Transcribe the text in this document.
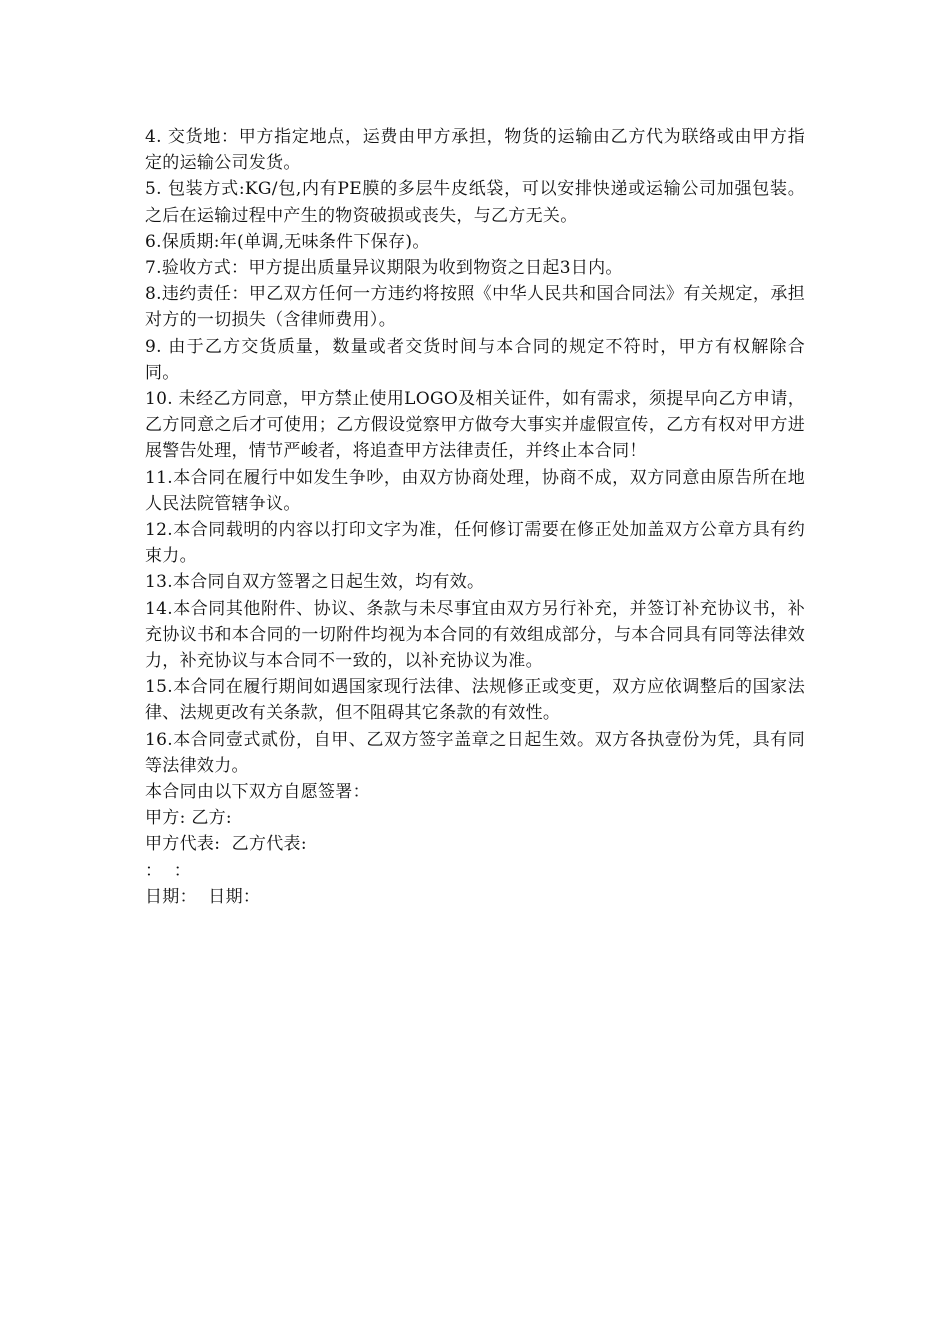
4. 交货地：甲方指定地点，运费由甲方承担，物货的运输由乙方代为联络或由甲方指定的运输公司发货。

5. 包装方式:KG/包,内有PE膜的多层牛皮纸袋，可以安排快递或运输公司加强包装。之后在运输过程中产生的物资破损或丧失，与乙方无关。

6.保质期:年(单调,无味条件下保存)。

7.验收方式：甲方提出质量异议期限为收到物资之日起3日内。

8.违约责任：甲乙双方任何一方违约将按照《中华人民共和国合同法》有关规定，承担对方的一切损失（含律师费用）。

9. 由于乙方交货质量，数量或者交货时间与本合同的规定不符时，甲方有权解除合同。

10. 未经乙方同意，甲方禁止使用LOGO及相关证件，如有需求，须提早向乙方申请，乙方同意之后才可使用；乙方假设觉察甲方做夸大事实并虚假宣传，乙方有权对甲方进展警告处理，情节严峻者，将追查甲方法律责任，并终止本合同！

11.本合同在履行中如发生争吵，由双方协商处理，协商不成，双方同意由原告所在地人民法院管辖争议。

12.本合同载明的内容以打印文字为准，任何修订需要在修正处加盖双方公章方具有约束力。

13.本合同自双方签署之日起生效，均有效。

14.本合同其他附件、协议、条款与未尽事宜由双方另行补充，并签订补充协议书，补充协议书和本合同的一切附件均视为本合同的有效组成部分，与本合同具有同等法律效力，补充协议与本合同不一致的，以补充协议为准。

15.本合同在履行期间如遇国家现行法律、法规修正或变更，双方应依调整后的国家法律、法规更改有关条款，但不阻碍其它条款的有效性。

16.本合同壹式贰份，自甲、乙双方签字盖章之日起生效。双方各执壹份为凭，具有同等法律效力。

本合同由以下双方自愿签署：

甲方: 乙方:

甲方代表:  乙方代表:

：  ：

日期：  日期：
